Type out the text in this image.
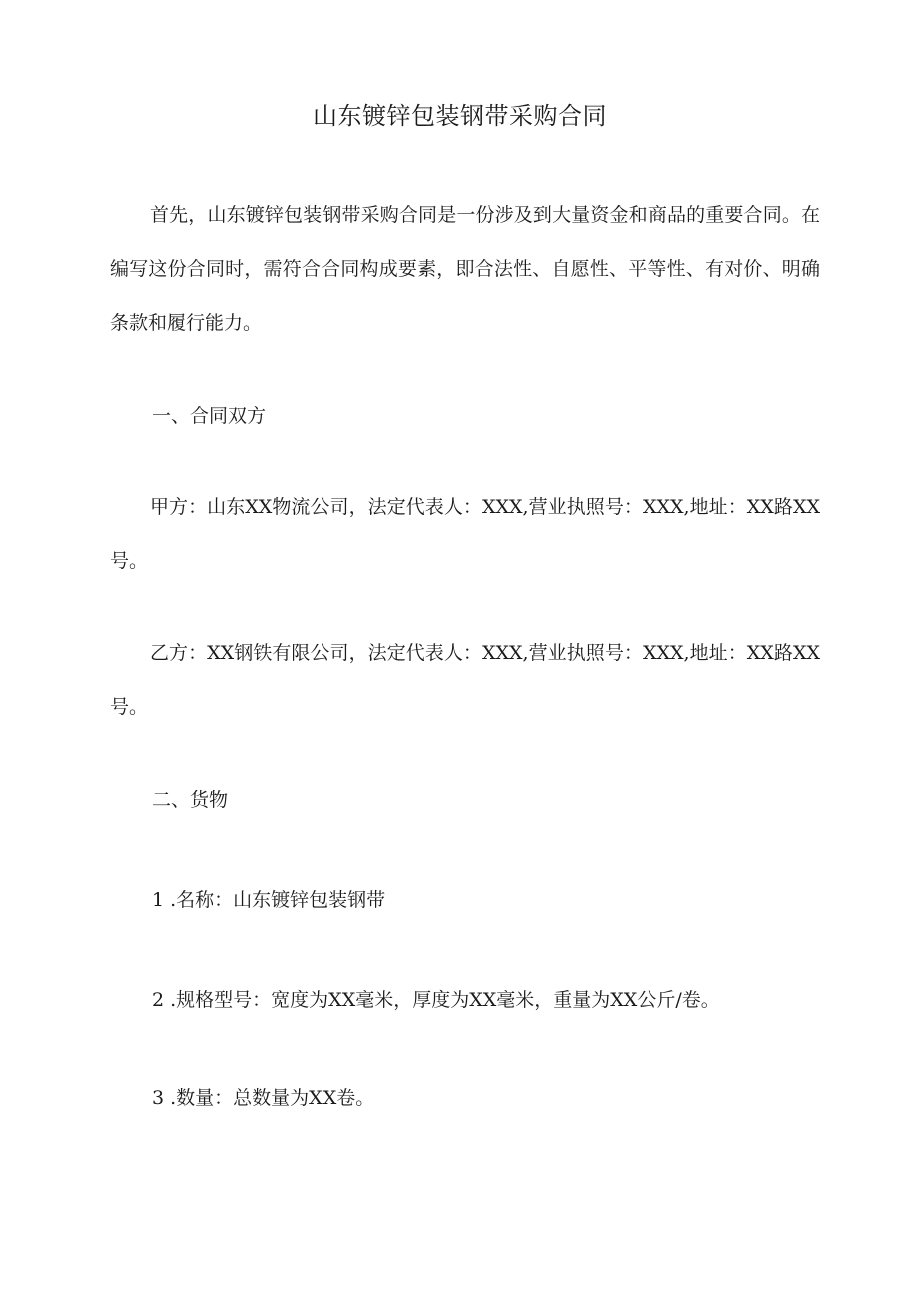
山东镀锌包装钢带采购合同
首先，山东镀锌包装钢带采购合同是一份涉及到大量资金和商品的重要合同。在编写这份合同时，需符合合同构成要素，即合法性、自愿性、平等性、有对价、明确条款和履行能力。
一、合同双方
甲方：山东XX物流公司，法定代表人：XXX,营业执照号：XXX,地址：XX路XX号。
乙方：XX钢铁有限公司，法定代表人：XXX,营业执照号：XXX,地址：XX路XX号。
二、货物
1 .名称：山东镀锌包装钢带
2 .规格型号：宽度为XX毫米，厚度为XX毫米，重量为XX公斤/卷。
3 .数量：总数量为XX卷。
